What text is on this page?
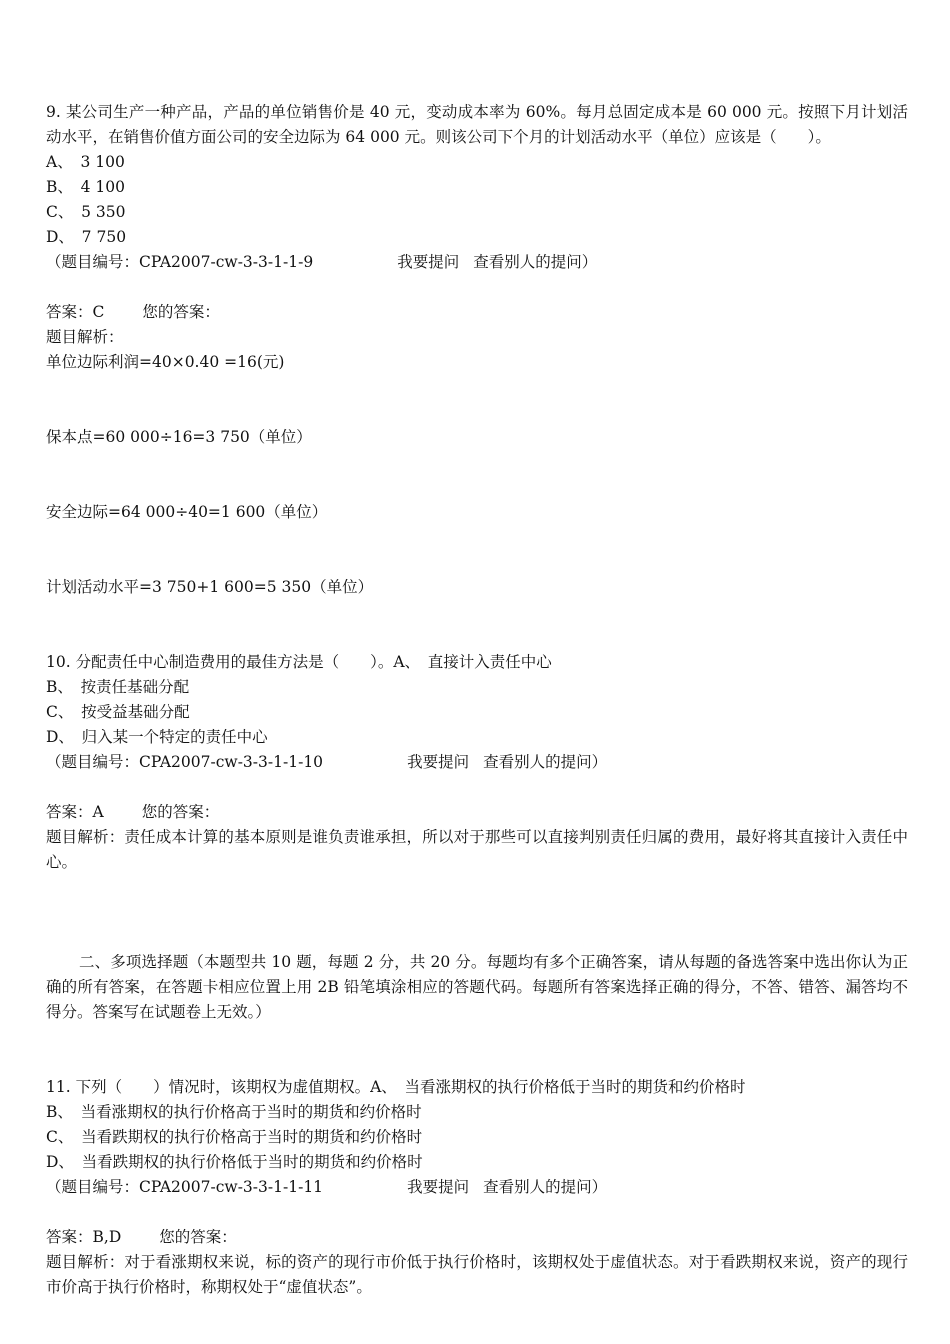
9. 某公司生产一种产品，产品的单位销售价是 40 元，变动成本率为 60%。每月总固定成本是 60 000 元。按照下月计划活动水平，在销售价值方面公司的安全边际为 64 000 元。则该公司下个月的计划活动水平（单位）应该是（　　）。
A、　3 100
B、　4 100
C、　5 350
D、　7 750
（题目编号：CPA2007-cw-3-3-1-1-9	我要提问 查看别人的提问）
答案：C 您的答案：
题目解析：
单位边际利润=40×0.40 =16(元)
保本点=60 000÷16=3 750（单位）
安全边际=64 000÷40=1 600（单位）
计划活动水平=3 750+1 600=5 350（单位）
10. 分配责任中心制造费用的最佳方法是（　　）。A、　直接计入责任中心
B、　按责任基础分配
C、　按受益基础分配
D、　归入某一个特定的责任中心
（题目编号：CPA2007-cw-3-3-1-1-10	我要提问 查看别人的提问）
答案：A 您的答案：
题目解析：责任成本计算的基本原则是谁负责谁承担，所以对于那些可以直接判别责任归属的费用，最好将其直接计入责任中心。
二、多项选择题（本题型共 10 题，每题 2 分，共 20 分。每题均有多个正确答案，请从每题的备选答案中选出你认为正确的所有答案，在答题卡相应位置上用 2B 铅笔填涂相应的答题代码。每题所有答案选择正确的得分，不答、错答、漏答均不得分。答案写在试题卷上无效。）
11. 下列（　　）情况时，该期权为虚值期权。A、　当看涨期权的执行价格低于当时的期货和约价格时
B、　当看涨期权的执行价格高于当时的期货和约价格时
C、　当看跌期权的执行价格高于当时的期货和约价格时
D、　当看跌期权的执行价格低于当时的期货和约价格时
（题目编号：CPA2007-cw-3-3-1-1-11	我要提问 查看别人的提问）
答案：B,D 您的答案：
题目解析：对于看涨期权来说，标的资产的现行市价低于执行价格时，该期权处于虚值状态。对于看跌期权来说，资产的现行市价高于执行价格时，称期权处于“虚值状态”。
